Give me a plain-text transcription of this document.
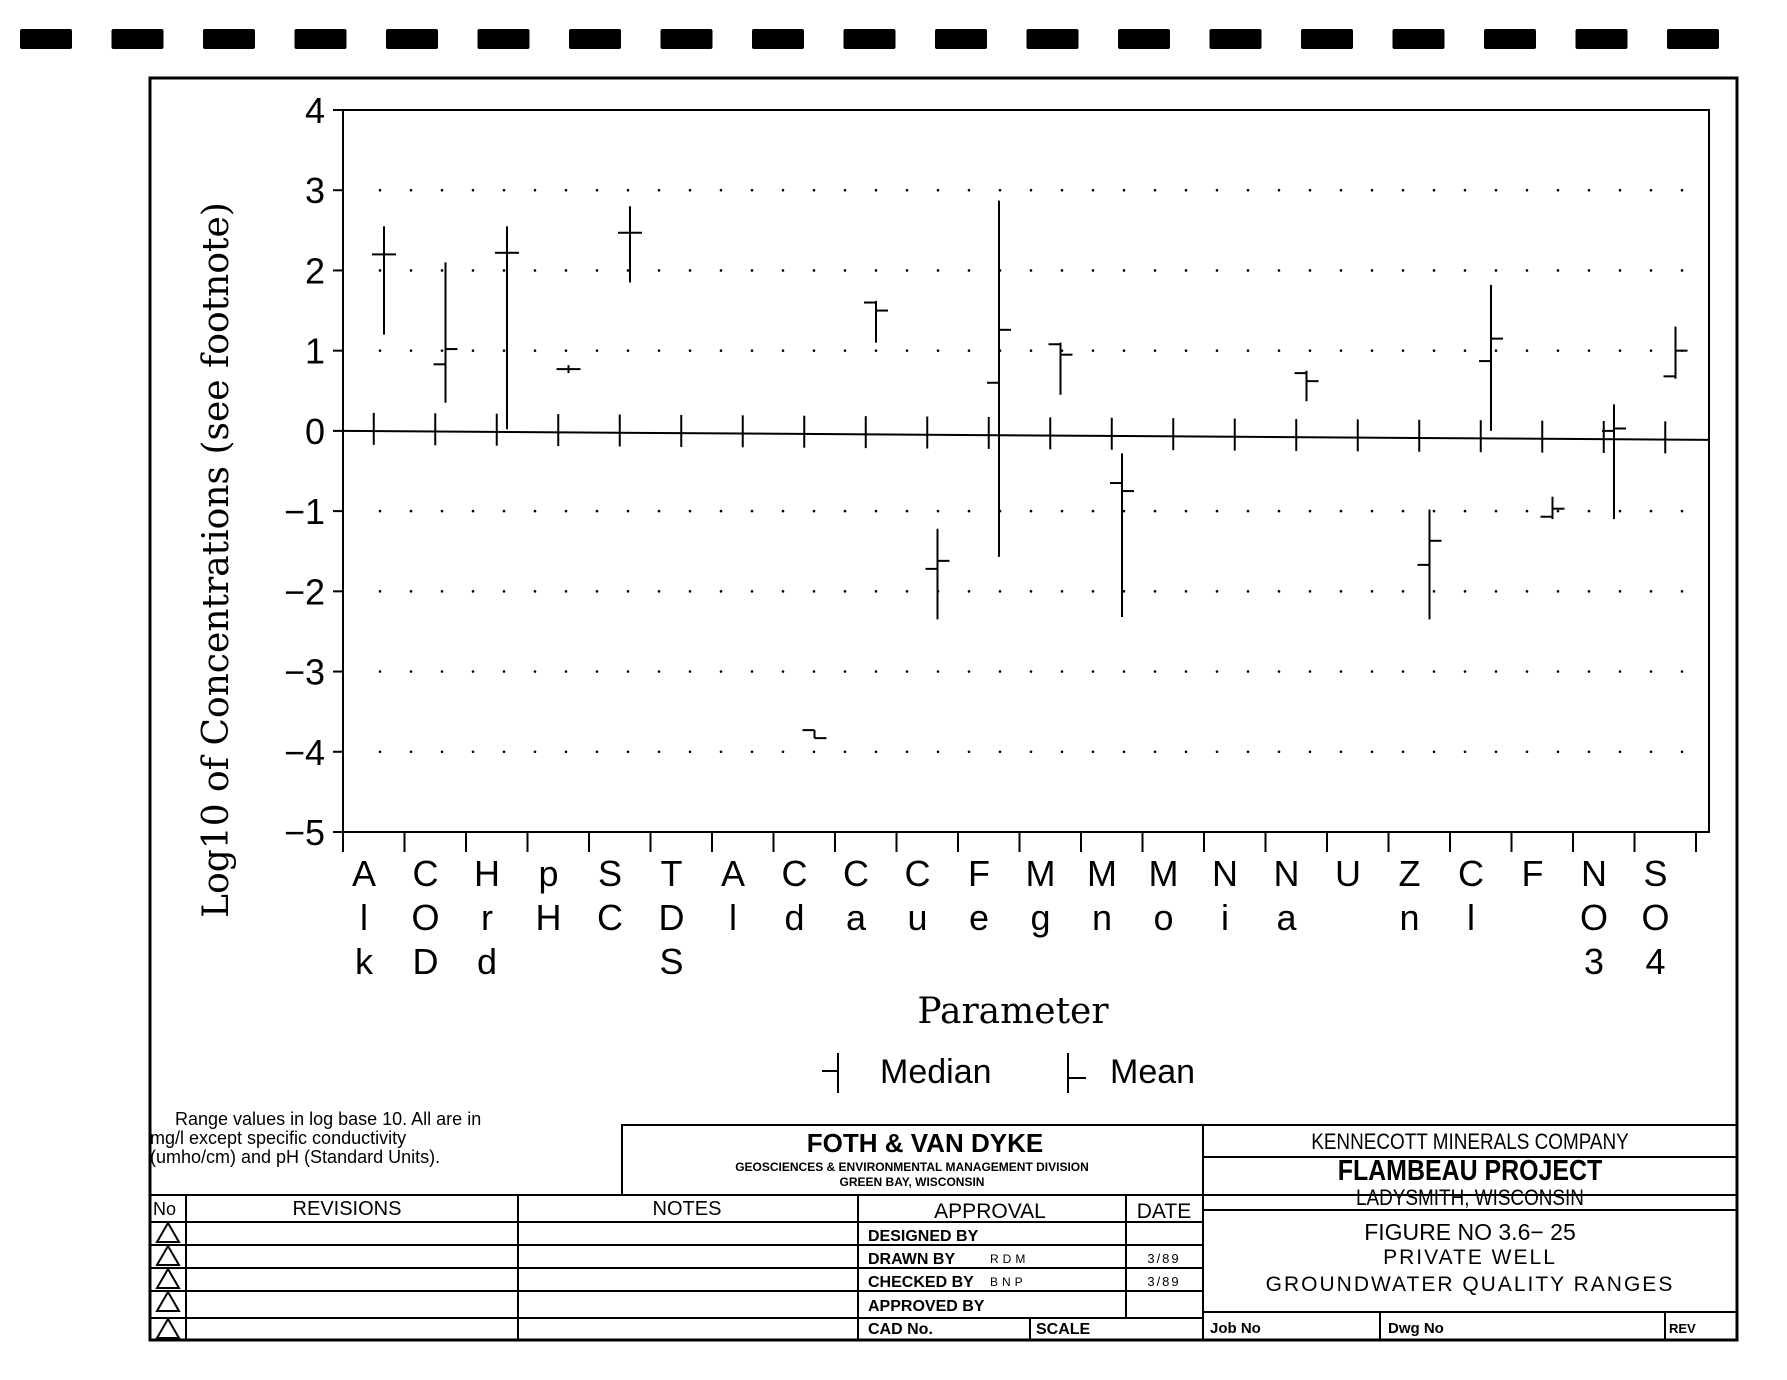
4
3
2
1
0
−1
−2
−3
−4
−5
A
l
k
C
O
D
H
r
d
p
H
S
C
T
D
S
A
l
C
d
C
a
C
u
F
e
M
g
M
n
M
o
N
i
N
a
U Z
n
C
l
F N
O
3
S
O
4
Log10 of Concentrations (see footnote)
Parameter
Median	Mean
Range values in log base 10. All are in
mg/l except specific conductivity
(umho/cm) and pH (Standard Units).	FOTH & VAN DYKE
GEOSCIENCES & ENVIRONMENTAL MANAGEMENT DIVISION
GREEN BAY, WISCONSIN
KENNECOTT MINERALS COMPANY
FLAMBEAU PROJECT
LADYSMITH, WISCONSIN
FIGURE NO 3.6− 25
PRIVATE WELL
GROUNDWATER QUALITY RANGES
No	REVISIONS	NOTES	APPROVAL	DATE
DESIGNED BY
DRAWN BY	RDM	3/89
CHECKED BY BNP	3/89
APPROVED BY
CAD No.	SCALE	Job No	Dwg No	REV
